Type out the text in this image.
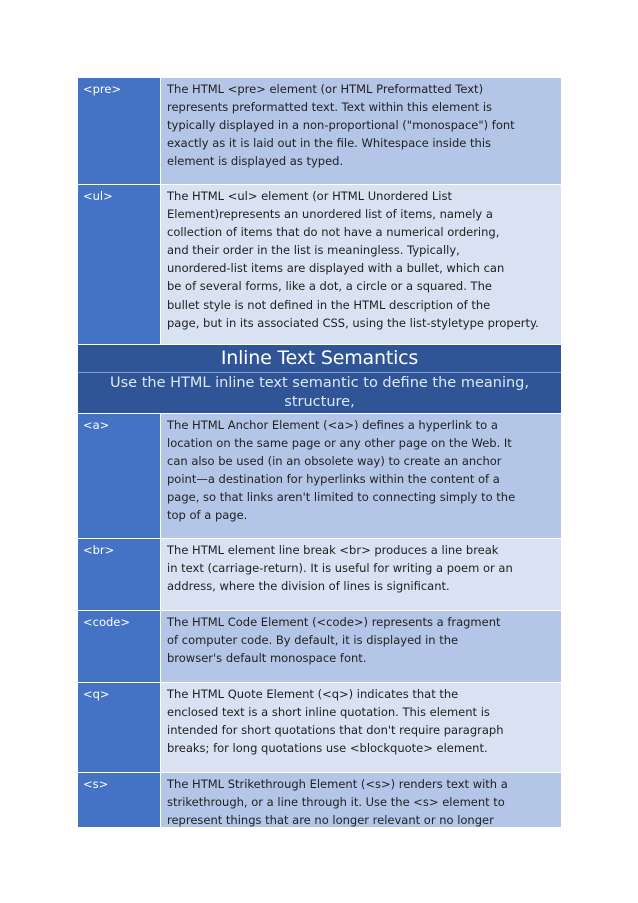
<pre>	The HTML <pre> element (or HTML Preformatted Text)
represents preformatted text. Text within this element is
typically displayed in a non-proportional ("monospace") font
exactly as it is laid out in the file. Whitespace inside this
element is displayed as typed.
<ul>	The HTML <ul> element (or HTML Unordered List
Element)represents an unordered list of items, namely a
collection of items that do not have a numerical ordering,
and their order in the list is meaningless. Typically,
unordered-list items are displayed with a bullet, which can
be of several forms, like a dot, a circle or a squared. The
bullet style is not defined in the HTML description of the
page, but in its associated CSS, using the list-styletype property.
Inline Text Semantics
Use the HTML inline text semantic to define the meaning, structure,

<a>	The HTML Anchor Element (<a>) defines a hyperlink to a
location on the same page or any other page on the Web. It
can also be used (in an obsolete way) to create an anchor
point—a destination for hyperlinks within the content of a
page, so that links aren't limited to connecting simply to the
top of a page.
<br>	The HTML element line break <br> produces a line break
in text (carriage-return). It is useful for writing a poem or an
address, where the division of lines is significant.
<code>	The HTML Code Element (<code>) represents a fragment
of computer code. By default, it is displayed in the
browser's default monospace font.
<q>	The HTML Quote Element (<q>) indicates that the
enclosed text is a short inline quotation. This element is
intended for short quotations that don't require paragraph
breaks; for long quotations use <blockquote> element.
<s>	The HTML Strikethrough Element (<s>) renders text with a
strikethrough, or a line through it. Use the <s> element to
represent things that are no longer relevant or no longer
